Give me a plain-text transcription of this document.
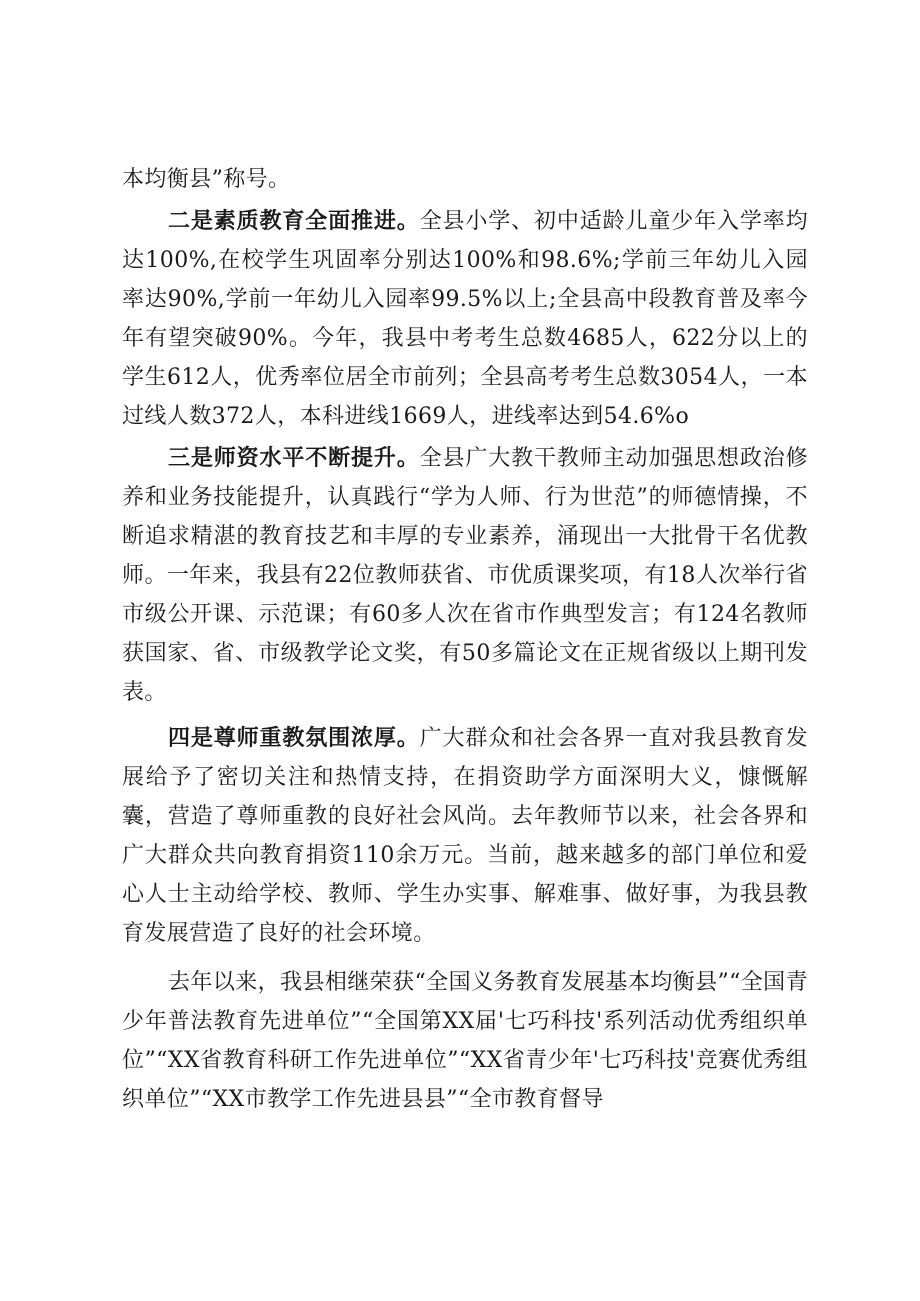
本均衡县”称号。

二是素质教育全面推进。全县小学、初中适龄儿童少年入学率均达100%,在校学生巩固率分别达100%和98.6%;学前三年幼儿入园率达90%,学前一年幼儿入园率99.5%以上;全县高中段教育普及率今年有望突破90%。今年，我县中考考生总数4685人，622分以上的学生612人，优秀率位居全市前列；全县高考考生总数3054人，一本过线人数372人，本科进线1669人，进线率达到54.6%o

三是师资水平不断提升。全县广大教干教师主动加强思想政治修养和业务技能提升，认真践行“学为人师、行为世范”的师德情操，不断追求精湛的教育技艺和丰厚的专业素养，涌现出一大批骨干名优教师。一年来，我县有22位教师获省、市优质课奖项，有18人次举行省市级公开课、示范课；有60多人次在省市作典型发言；有124名教师获国家、省、市级教学论文奖，有50多篇论文在正规省级以上期刊发表。

四是尊师重教氛围浓厚。广大群众和社会各界一直对我县教育发展给予了密切关注和热情支持，在捐资助学方面深明大义，慷慨解囊，营造了尊师重教的良好社会风尚。去年教师节以来，社会各界和广大群众共向教育捐资110余万元。当前，越来越多的部门单位和爱心人士主动给学校、教师、学生办实事、解难事、做好事，为我县教育发展营造了良好的社会环境。

去年以来，我县相继荣获“全国义务教育发展基本均衡县”“全国青少年普法教育先进单位”“全国第XX届'七巧科技'系列活动优秀组织单位”“XX省教育科研工作先进单位”“XX省青少年'七巧科技'竞赛优秀组织单位”“XX市教学工作先进县县”“全市教育督导
